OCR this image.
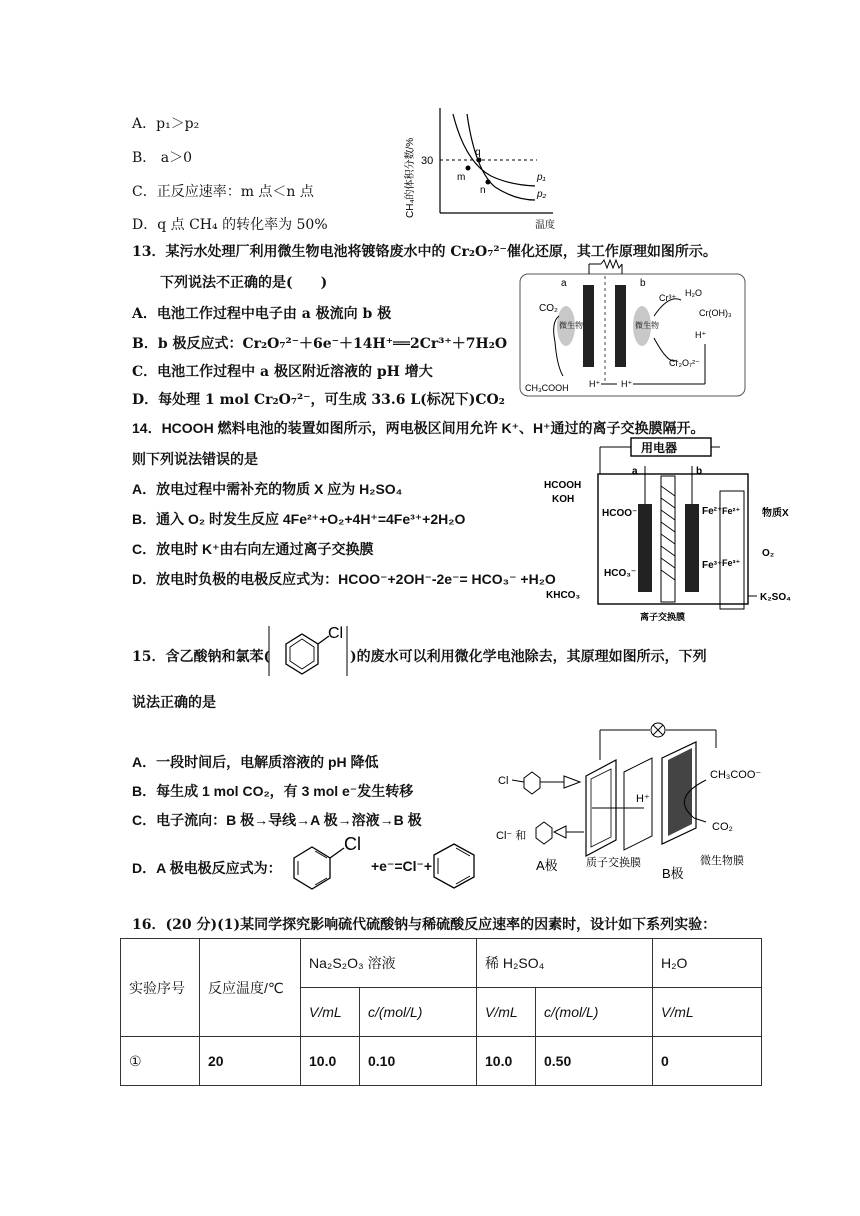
A．p₁＞p₂
B． a＞0
C．正反应速率：m 点＜n 点
D．q 点 CH₄ 的转化率为 50%
30
q
m
n
p₁
p₂
温度
CH₄的体积分数/%
13．某污水处理厂利用微生物电池将镀铬废水中的 Cr₂O₇²⁻催化还原，其工作原理如图所示。
下列说法不正确的是(　　)
A．电池工作过程中电子由 a 极流向 b 极
B．b 极反应式：Cr₂O₇²⁻＋6e⁻＋14H⁺══2Cr³⁺＋7H₂O
C．电池工作过程中 a 极区附近溶液的 pH 增大
D．每处理 1 mol Cr₂O₇²⁻，可生成 33.6 L(标况下)CO₂
a	b
CO₂
微生物	微生物
Cr³⁺ H₂O
Cr(OH)₃
H⁺
Cr₂O₇²⁻
CH₃COOH H⁺ H⁺
14．HCOOH 燃料电池的装置如图所示，两电极区间用允许 K⁺、H⁺通过的离子交换膜隔开。
则下列说法错误的是
A．放电过程中需补充的物质 X 应为 H₂SO₄
B．通入 O₂ 时发生反应 4Fe²⁺+O₂+4H⁺=4Fe³⁺+2H₂O
C．放电时 K⁺由右向左通过离子交换膜
D．放电时负极的电极反应式为：HCOO⁻+2OH⁻-2e⁻= HCO₃⁻ +H₂O
用电器
a	b
HCOOH
KOH
HCOO⁻
HCO₃⁻
Fe²⁺
Fe³⁺
Fe²⁺
Fe³⁺
物质X
O₂
KHCO₃	K₂SO₄
离子交换膜
15．含乙酸钠和氯苯(
Cl
)的废水可以利用微化学电池除去，其原理如图所示，下列
说法正确的是
A．一段时间后，电解质溶液的 pH 降低
B．每生成 1 mol CO₂，有 3 mol e⁻发生转移
C．电子流向：B 极→导线→A 极→溶液→B 极
D．A 极电极反应式为：
Cl
+e⁻=Cl⁻+
H⁺
CH₃COO⁻
CO₂
Cl⁻ 和
A极
B极
质子交换膜	微生物膜
Cl
16．(20 分)(1)某同学探究影响硫代硫酸钠与稀硫酸反应速率的因素时，设计如下系列实验：
实验序号	反应温度/℃	Na₂S₂O₃ 溶液		稀 H₂SO₄		H₂O
		V/mL	c/(mol/L)	V/mL	c/(mol/L)	V/mL
①	20	10.0	0.10	10.0	0.50	0
